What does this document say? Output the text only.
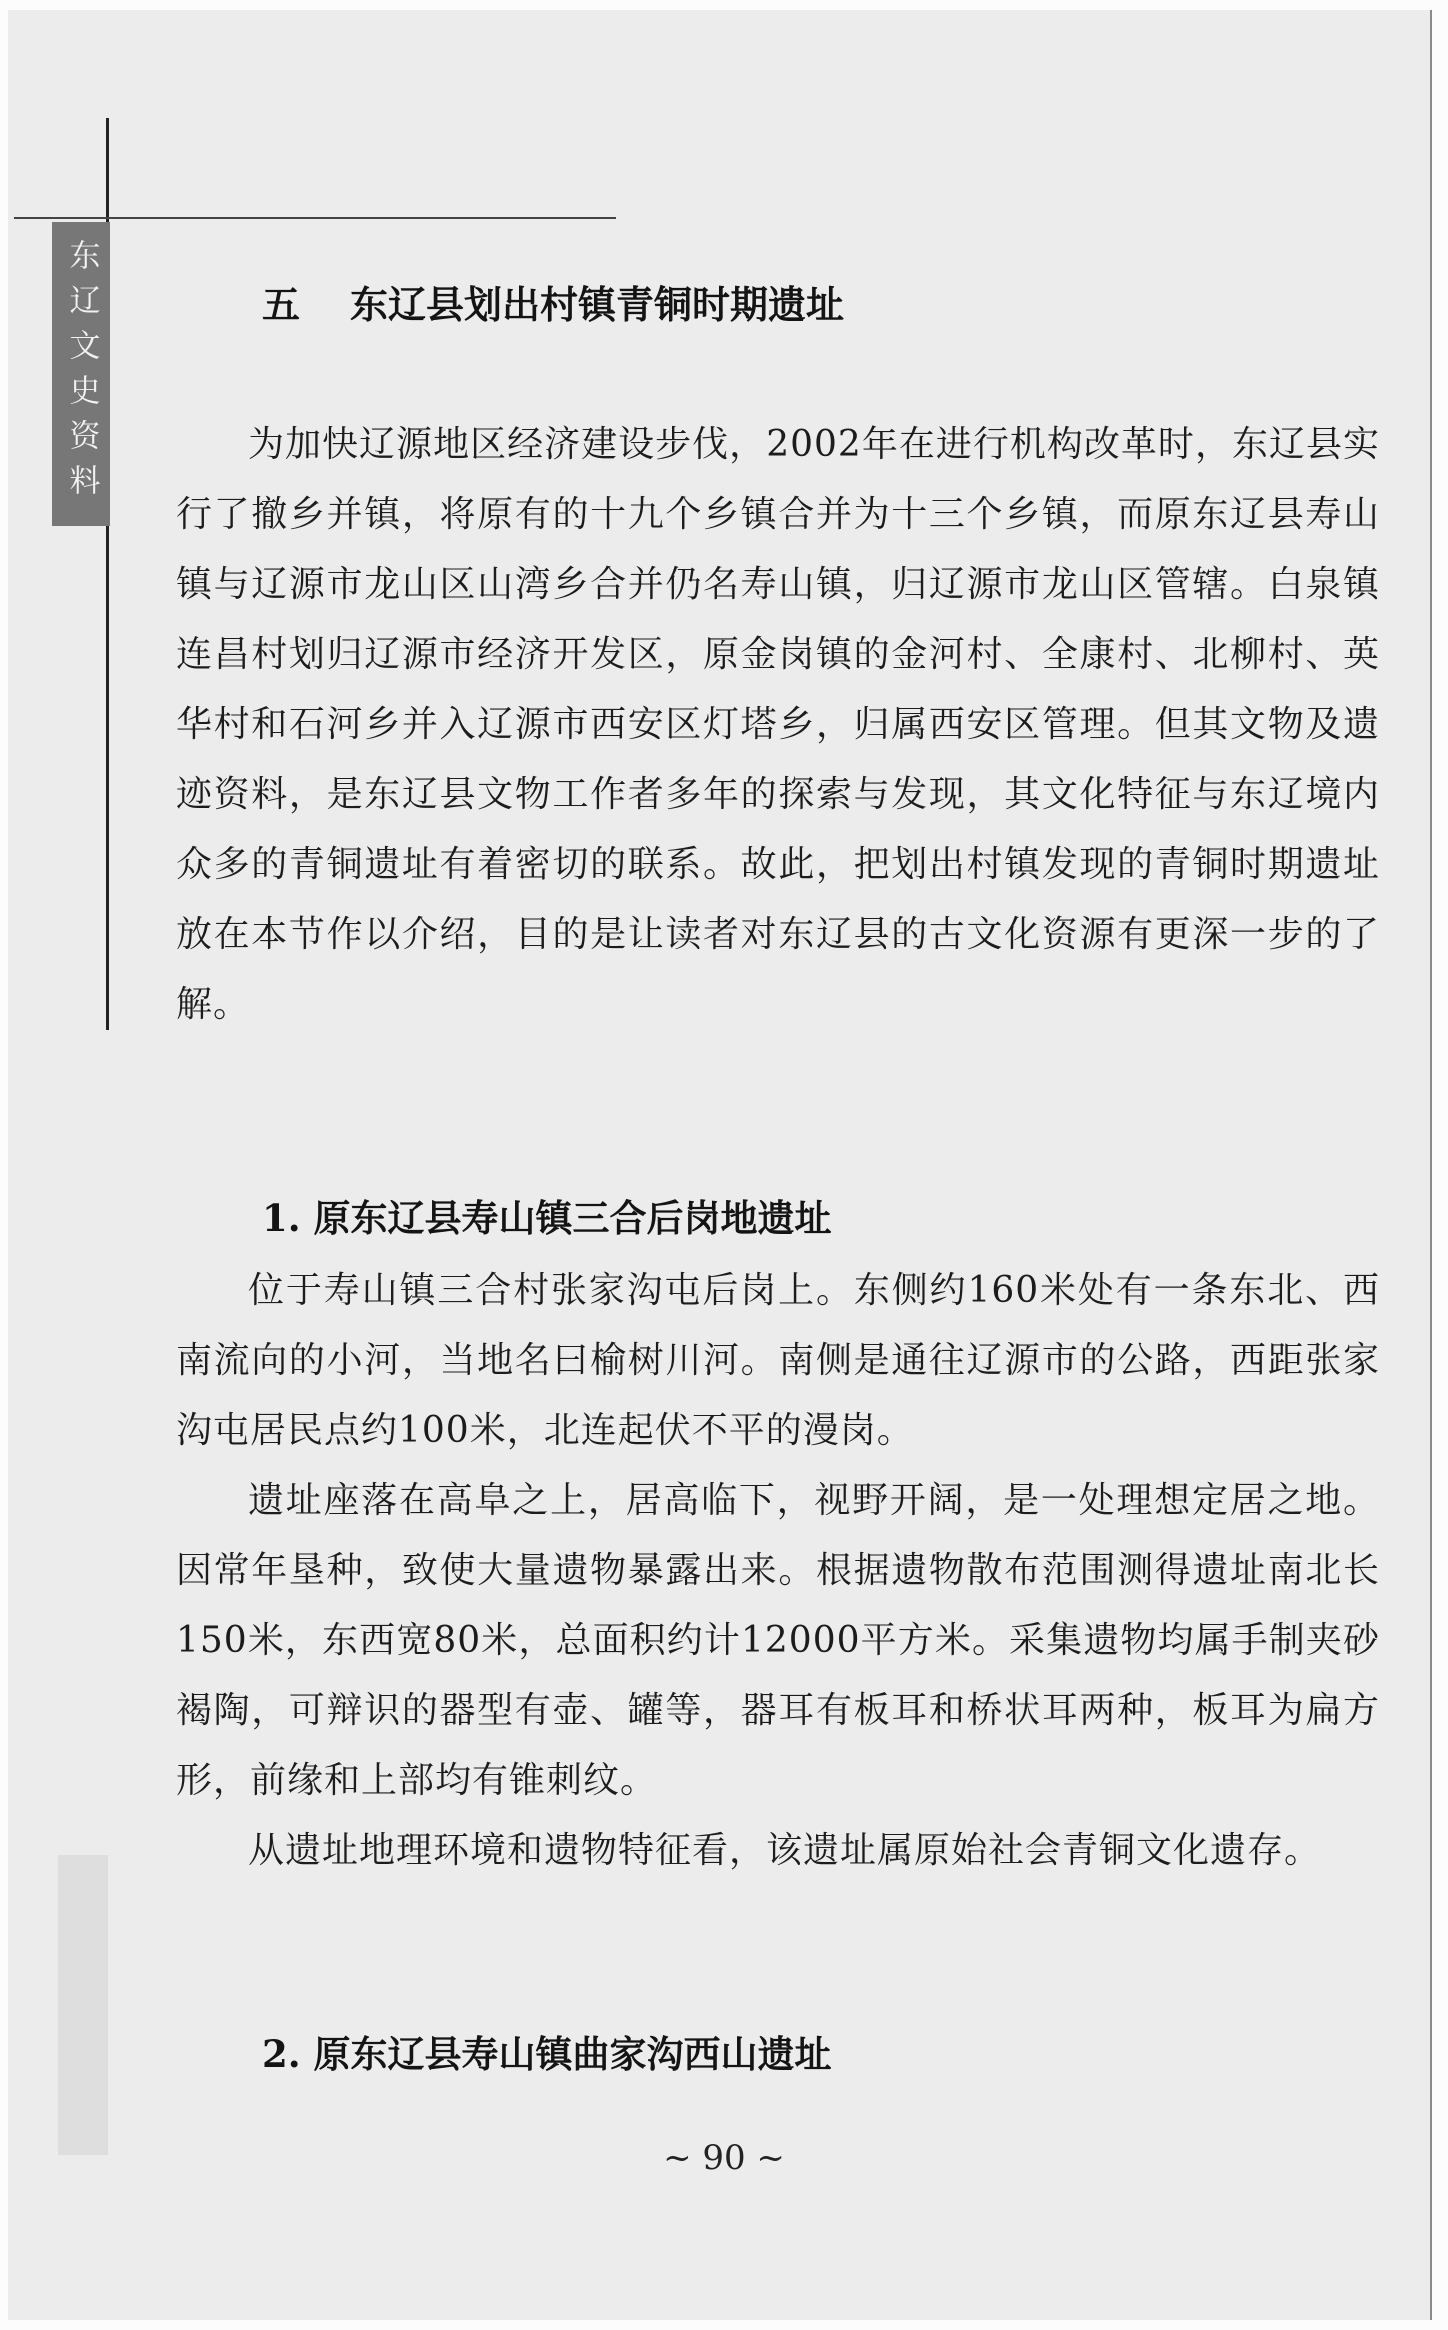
东辽文史资料	五 东辽县划出村镇青铜时期遗址

为加快辽源地区经济建设步伐，2002年在进行机构改革时，东辽县实行了撤乡并镇，将原有的十九个乡镇合并为十三个乡镇，而原东辽县寿山镇与辽源市龙山区山湾乡合并仍名寿山镇，归辽源市龙山区管辖。白泉镇连昌村划归辽源市经济开发区，原金岗镇的金河村、全康村、北柳村、英华村和石河乡并入辽源市西安区灯塔乡，归属西安区管理。但其文物及遗迹资料，是东辽县文物工作者多年的探索与发现，其文化特征与东辽境内众多的青铜遗址有着密切的联系。故此，把划出村镇发现的青铜时期遗址放在本节作以介绍，目的是让读者对东辽县的古文化资源有更深一步的了解。

1. 原东辽县寿山镇三合后岗地遗址

位于寿山镇三合村张家沟屯后岗上。东侧约160米处有一条东北、西南流向的小河，当地名曰榆树川河。南侧是通往辽源市的公路，西距张家沟屯居民点约100米，北连起伏不平的漫岗。

遗址座落在高阜之上，居高临下，视野开阔，是一处理想定居之地。因常年垦种，致使大量遗物暴露出来。根据遗物散布范围测得遗址南北长150米，东西宽80米，总面积约计12000平方米。采集遗物均属手制夹砂褐陶，可辩识的器型有壶、罐等，器耳有板耳和桥状耳两种，板耳为扁方形，前缘和上部均有锥刺纹。

从遗址地理环境和遗物特征看，该遗址属原始社会青铜文化遗存。

2. 原东辽县寿山镇曲家沟西山遗址
~ 90 ~
